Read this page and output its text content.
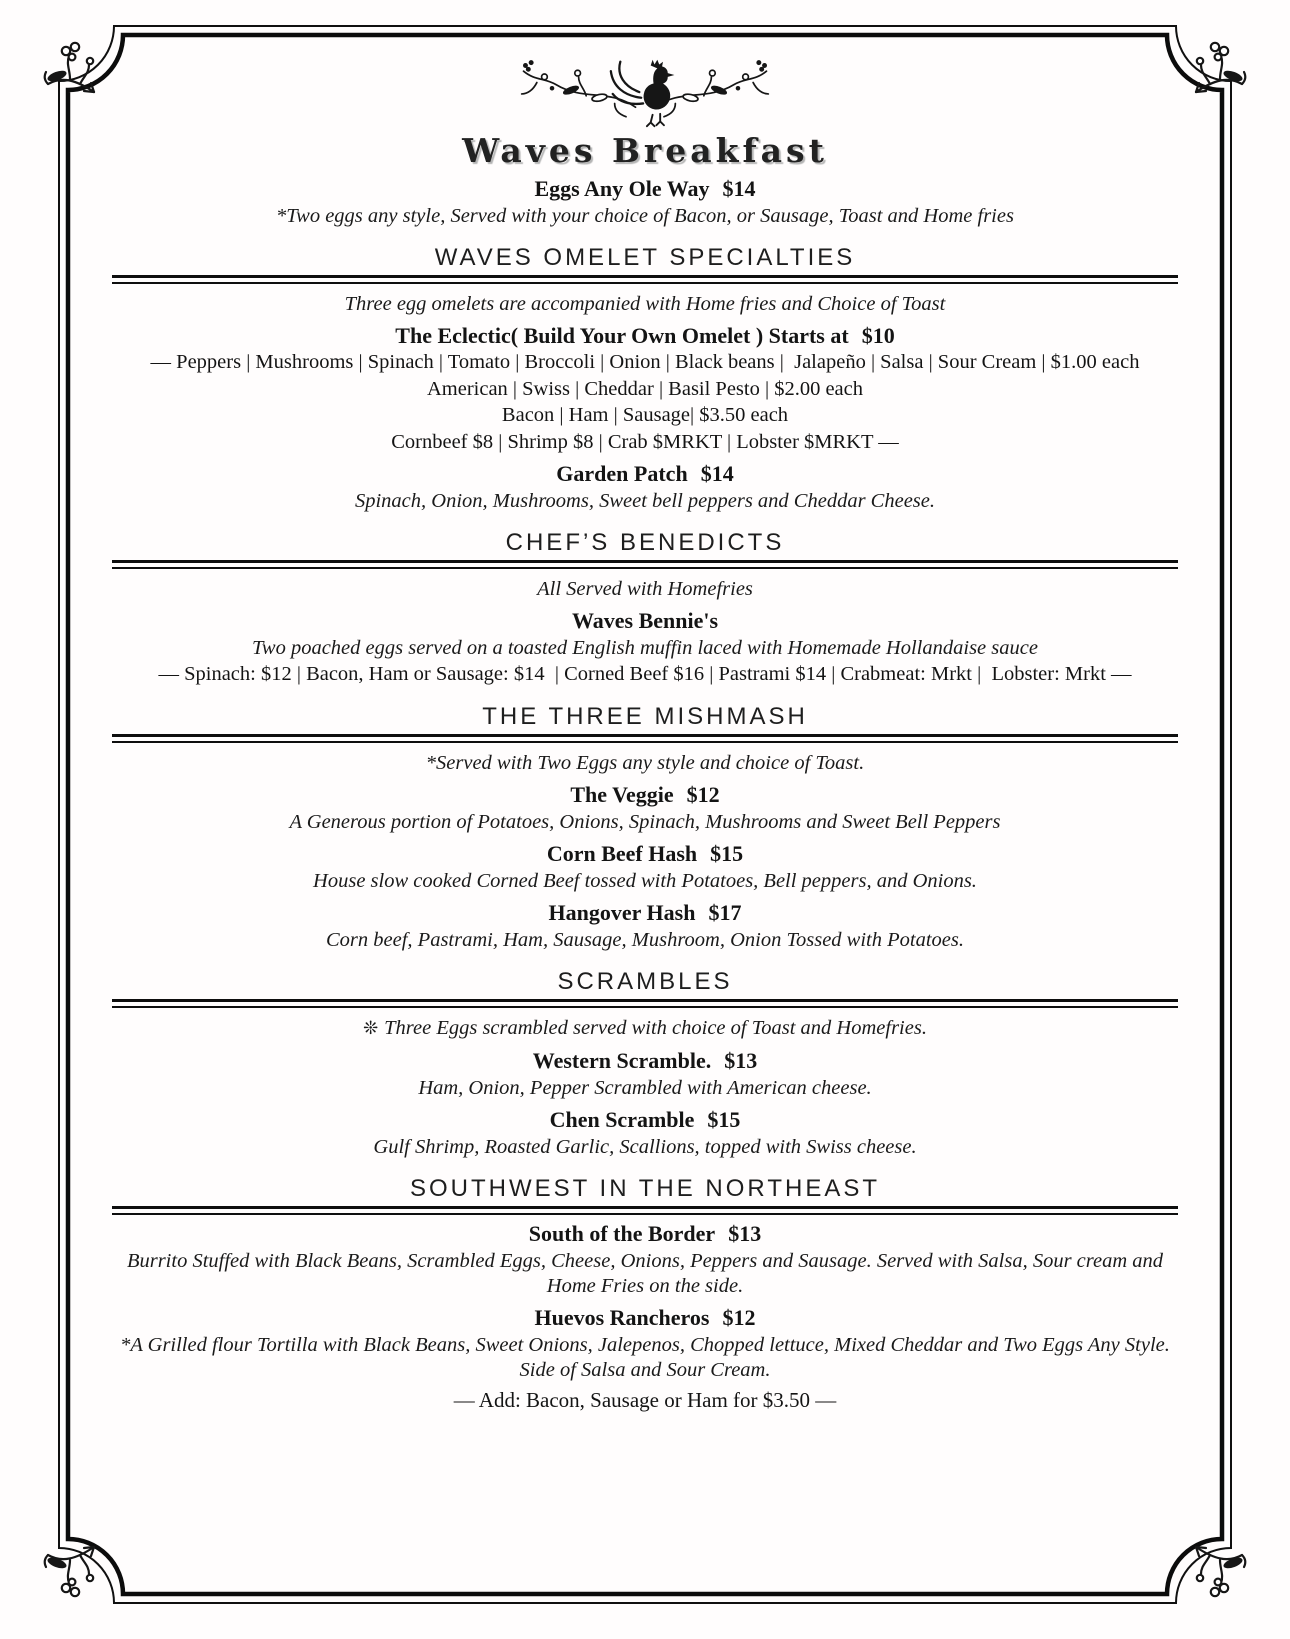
Waves Breakfast
Eggs Any Ole Way $14
*Two eggs any style, Served with your choice of Bacon, or Sausage, Toast and Home fries
WAVES OMELET SPECIALTIES
Three egg omelets are accompanied with Home fries and Choice of Toast
The Eclectic( Build Your Own Omelet ) Starts at $10
— Peppers | Mushrooms | Spinach | Tomato | Broccoli | Onion | Black beans |  Jalapeño | Salsa | Sour Cream | $1.00 each
American | Swiss | Cheddar | Basil Pesto | $2.00 each
Bacon | Ham | Sausage| $3.50 each
Cornbeef $8 | Shrimp $8 | Crab $MRKT | Lobster $MRKT —
Garden Patch $14
Spinach, Onion, Mushrooms, Sweet bell peppers and Cheddar Cheese.
CHEF’S BENEDICTS
All Served with Homefries
Waves Bennie's
Two poached eggs served on a toasted English muffin laced with Homemade Hollandaise sauce
— Spinach: $12 | Bacon, Ham or Sausage: $14  | Corned Beef $16 | Pastrami $14 | Crabmeat: Mrkt |  Lobster: Mrkt —
THE THREE MISHMASH
*Served with Two Eggs any style and choice of Toast.
The Veggie $12
A Generous portion of Potatoes, Onions, Spinach, Mushrooms and Sweet Bell Peppers
Corn Beef Hash $15
House slow cooked Corned Beef tossed with Potatoes, Bell peppers, and Onions.
Hangover Hash $17
Corn beef, Pastrami, Ham, Sausage, Mushroom, Onion Tossed with Potatoes.
SCRAMBLES
❊ Three Eggs scrambled served with choice of Toast and Homefries.
Western Scramble. $13
Ham, Onion, Pepper Scrambled with American cheese.
Chen Scramble $15
Gulf Shrimp, Roasted Garlic, Scallions, topped with Swiss cheese.
SOUTHWEST IN THE NORTHEAST
South of the Border $13
Burrito Stuffed with Black Beans, Scrambled Eggs, Cheese, Onions, Peppers and Sausage. Served with Salsa, Sour cream and Home Fries on the side.
Huevos Rancheros $12
*A Grilled flour Tortilla with Black Beans, Sweet Onions, Jalepenos, Chopped lettuce, Mixed Cheddar and Two Eggs Any Style. Side of Salsa and Sour Cream.
— Add: Bacon, Sausage or Ham for $3.50 —
